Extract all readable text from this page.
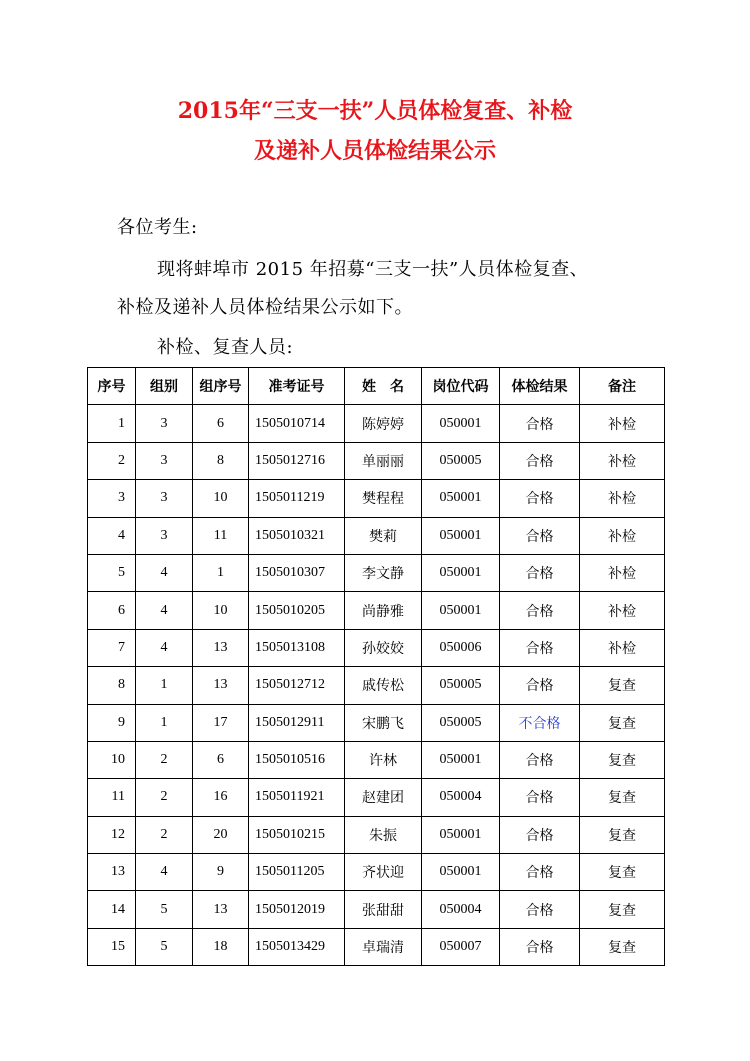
2015年“三支一扶”人员体检复查、补检
及递补人员体检结果公示
各位考生:
现将蚌埠市 2015 年招募“三支一扶”人员体检复查、
补检及递补人员体检结果公示如下。
补检、复查人员:
序号	组别	组序号	准考证号	姓　名	岗位代码	体检结果	备注
1	3	6	1505010714	陈婷婷	050001	合格	补检
2	3	8	1505012716	单丽丽	050005	合格	补检
3	3	10	1505011219	樊程程	050001	合格	补检
4	3	11	1505010321	樊莉	050001	合格	补检
5	4	1	1505010307	李文静	050001	合格	补检
6	4	10	1505010205	尚静雅	050001	合格	补检
7	4	13	1505013108	孙姣姣	050006	合格	补检
8	1	13	1505012712	戚传松	050005	合格	复查
9	1	17	1505012911	宋鹏飞	050005	不合格	复查
10	2	6	1505010516	许林	050001	合格	复查
11	2	16	1505011921	赵建团	050004	合格	复查
12	2	20	1505010215	朱振	050001	合格	复查
13	4	9	1505011205	齐状迎	050001	合格	复查
14	5	13	1505012019	张甜甜	050004	合格	复查
15	5	18	1505013429	卓瑞清	050007	合格	复查
